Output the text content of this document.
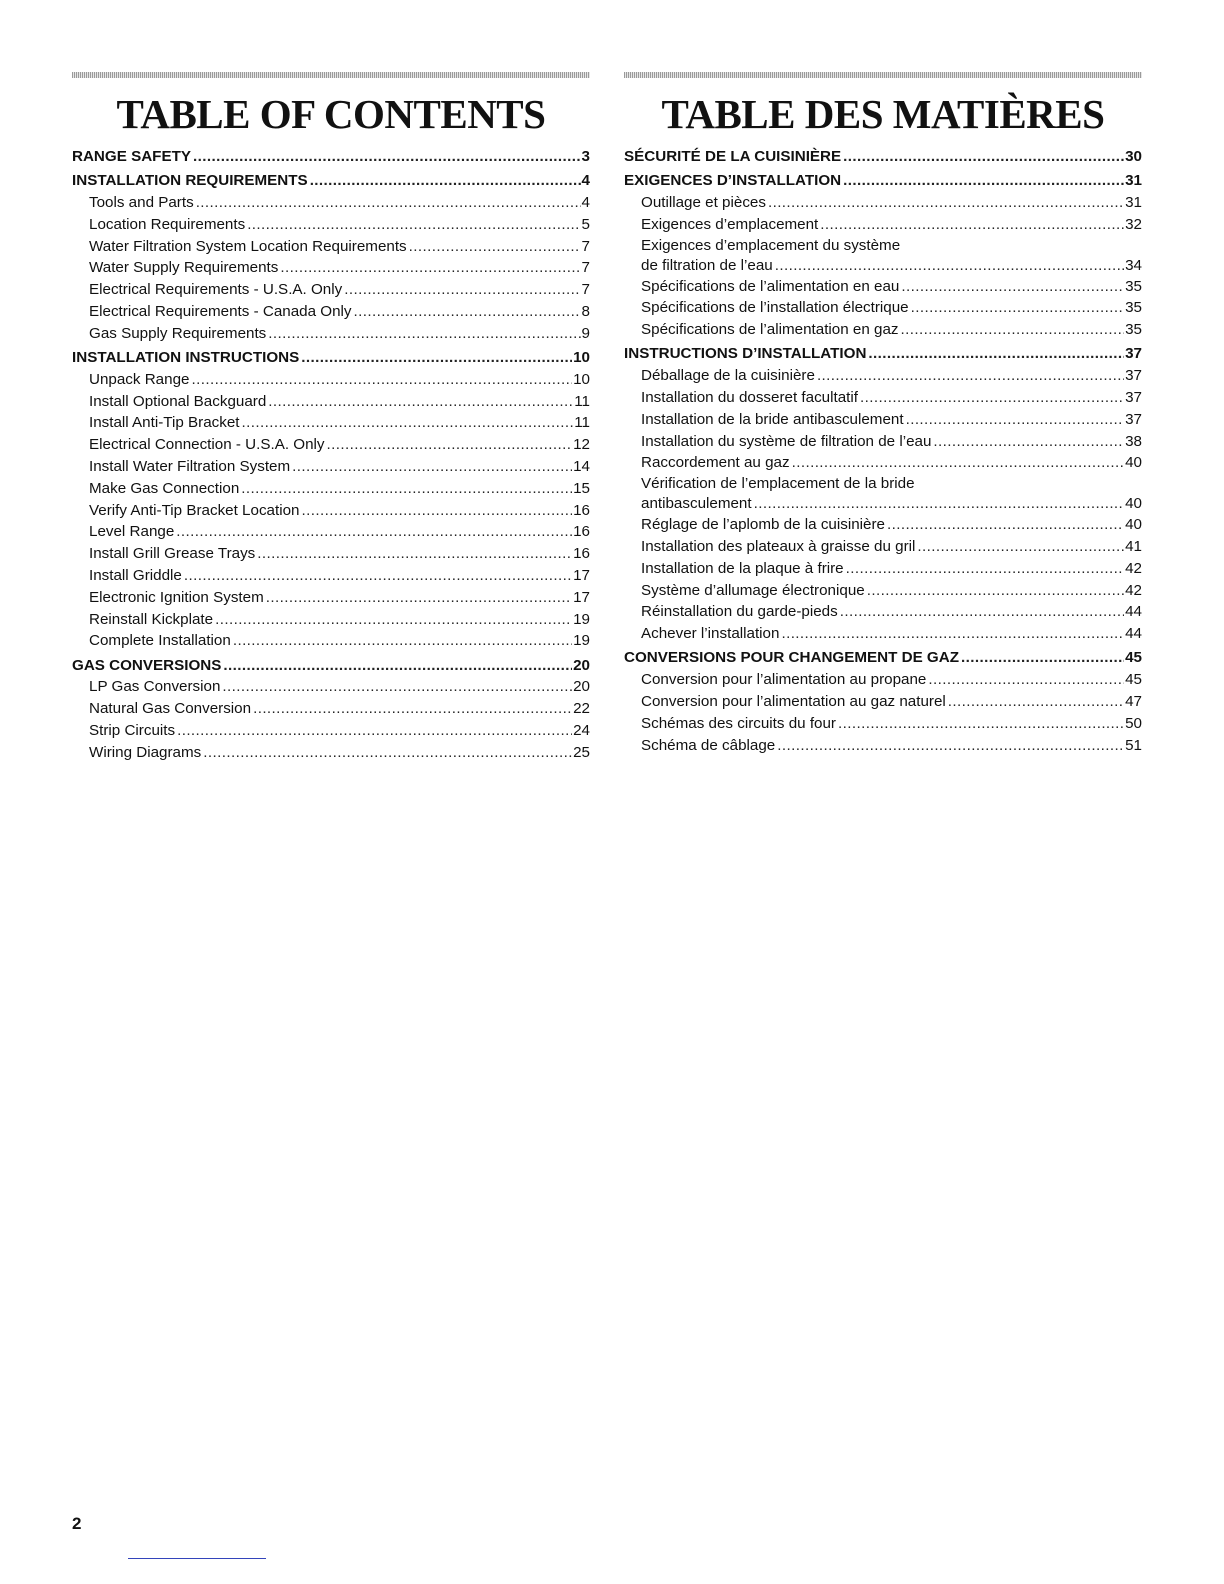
TABLE OF CONTENTS
RANGE SAFETY .....	3
INSTALLATION REQUIREMENTS .....	4
Tools and Parts .....	4
Location Requirements .....	5
Water Filtration System Location Requirements .....	7
Water Supply Requirements .....	7
Electrical Requirements - U.S.A. Only .....	7
Electrical Requirements - Canada Only .....	8
Gas Supply Requirements .....	9
INSTALLATION INSTRUCTIONS .....	10
Unpack Range .....	10
Install Optional Backguard .....	11
Install Anti-Tip Bracket .....	11
Electrical Connection - U.S.A. Only .....	12
Install Water Filtration System .....	14
Make Gas Connection .....	15
Verify Anti-Tip Bracket Location .....	16
Level Range .....	16
Install Grill Grease Trays .....	16
Install Griddle .....	17
Electronic Ignition System .....	17
Reinstall Kickplate .....	19
Complete Installation .....	19
GAS CONVERSIONS .....	20
LP Gas Conversion .....	20
Natural Gas Conversion .....	22
Strip Circuits .....	24
Wiring Diagrams .....	25
TABLE DES MATIÈRES
SÉCURITÉ DE LA CUISINIÈRE .....	30
EXIGENCES D’INSTALLATION .....	31
Outillage et pièces .....	31
Exigences d’emplacement .....	32
Exigences d’emplacement du système
de filtration de l’eau .....	34
Spécifications de l’alimentation en eau .....	35
Spécifications de l’installation électrique .....	35
Spécifications de l’alimentation en gaz .....	35
INSTRUCTIONS D’INSTALLATION .....	37
Déballage de la cuisinière .....	37
Installation du dosseret facultatif .....	37
Installation de la bride antibasculement .....	37
Installation du système de filtration de l’eau .....	38
Raccordement au gaz .....	40
Vérification de l’emplacement de la bride
antibasculement .....	40
Réglage de l’aplomb de la cuisinière .....	40
Installation des plateaux à graisse du gril .....	41
Installation de la plaque à frire .....	42
Système d’allumage électronique .....	42
Réinstallation du garde-pieds .....	44
Achever l’installation .....	44
CONVERSIONS POUR CHANGEMENT DE GAZ .....	45
Conversion pour l’alimentation au propane .....	45
Conversion pour l’alimentation au gaz naturel .....	47
Schémas des circuits du four .....	50
Schéma de câblage .....	51
2
